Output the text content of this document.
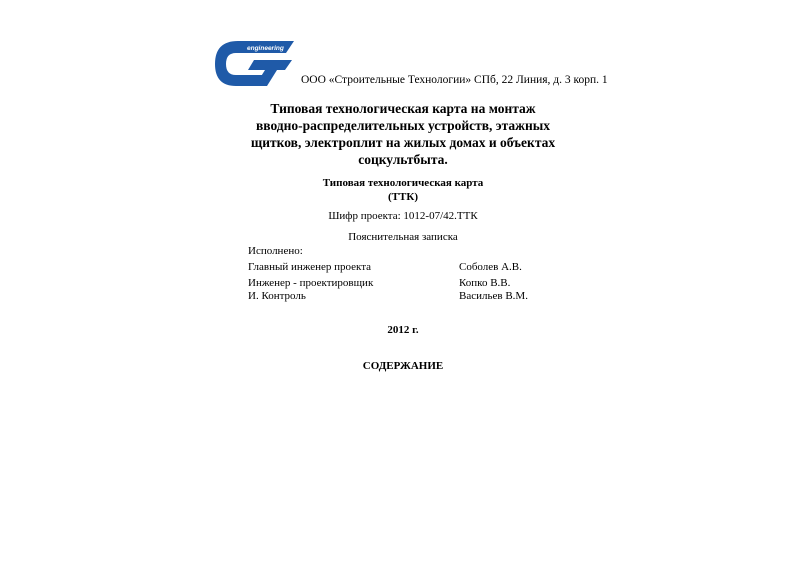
engineering
ООО «Строительные Технологии» СПб, 22 Линия, д. 3 корп. 1
Типовая технологическая карта на монтаж
вводно-распределительных устройств, этажных
щитков, электроплит на жилых домах и объектах
соцкультбыта.
Типовая технологическая карта
(ТТК)
Шифр проекта: 1012-07/42.ТТК
Пояснительная записка
Исполнено:
Главный инженер проекта	Соболев А.В.
Инженер - проектировщик	Копко В.В.
И. Контроль	Васильев В.М.
2012 г.
СОДЕРЖАНИЕ
